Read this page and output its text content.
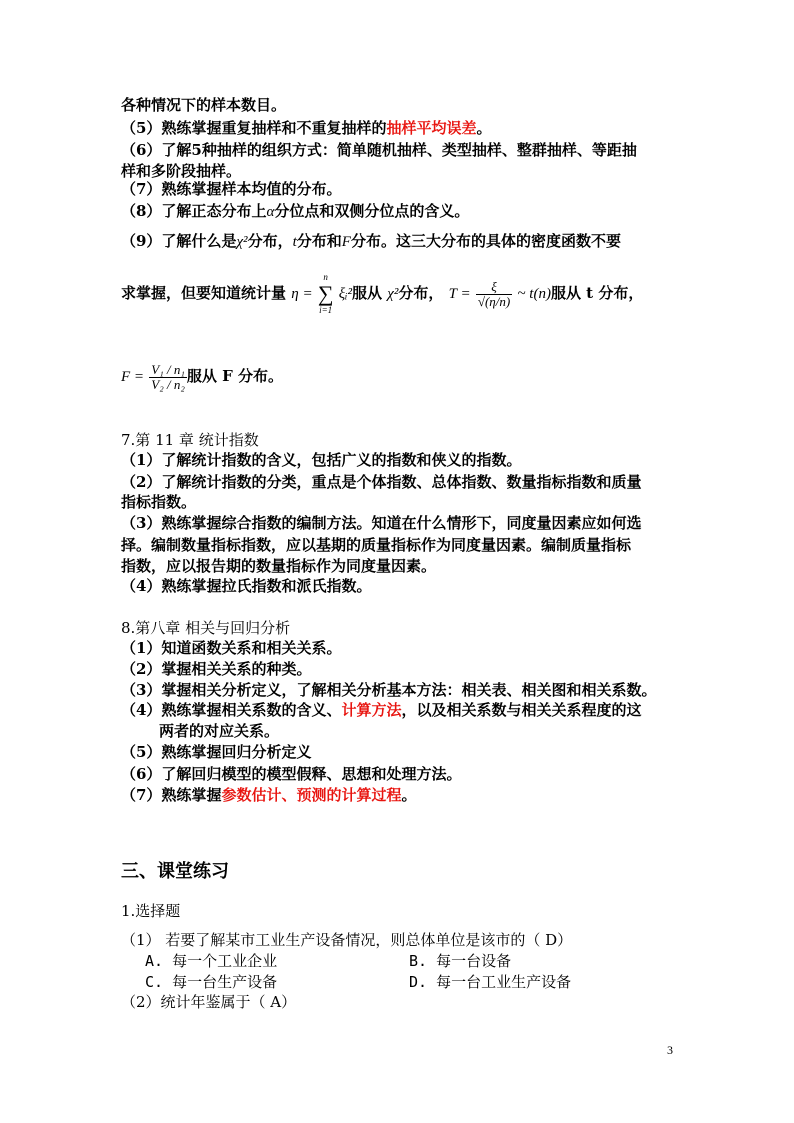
各种情况下的样本数目。
（5）熟练掌握重复抽样和不重复抽样的抽样平均误差。
（6）了解5种抽样的组织方式：简单随机抽样、类型抽样、整群抽样、等距抽
样和多阶段抽样。
（7）熟练掌握样本均值的分布。
（8）了解正态分布上α分位点和双侧分位点的含义。
（9）了解什么是χ²分布，t分布和F分布。这三大分布的具体的密度函数不要
求掌握，但要知道统计量 η =
n
∑
i=1
ξᵢ²服从 χ²分布， $T = \frac{\xi}{√(\eta/n)}$ ~ t(n)服从 t 分布，
$F = \frac{\text{V₁ / n₁}}{\text{V₂ / n₂}}$ 服从 F 分布。
7.第 11 章 统计指数
（1）了解统计指数的含义，包括广义的指数和侠义的指数。
（2）了解统计指数的分类，重点是个体指数、总体指数、数量指标指数和质量
指标指数。
（3）熟练掌握综合指数的编制方法。知道在什么情形下，同度量因素应如何选
择。编制数量指标指数，应以基期的质量指标作为同度量因素。编制质量指标
指数，应以报告期的数量指标作为同度量因素。
（4）熟练掌握拉氏指数和派氏指数。
8.第八章 相关与回归分析
（1）知道函数关系和相关关系。
（2）掌握相关关系的种类。
（3）掌握相关分析定义，了解相关分析基本方法：相关表、相关图和相关系数。
（4）熟练掌握相关系数的含义、计算方法，以及相关系数与相关关系程度的这
两者的对应关系。
（5）熟练掌握回归分析定义
（6）了解回归模型的模型假释、思想和处理方法。
（7）熟练掌握参数估计、预测的计算过程。
三、课堂练习
1.选择题
（1） 若要了解某市工业生产设备情况，则总体单位是该市的（ D）
A. 每一个工业企业	B. 每一台设备
C. 每一台生产设备	D. 每一台工业生产设备
（2）统计年鉴属于（ A）
3
